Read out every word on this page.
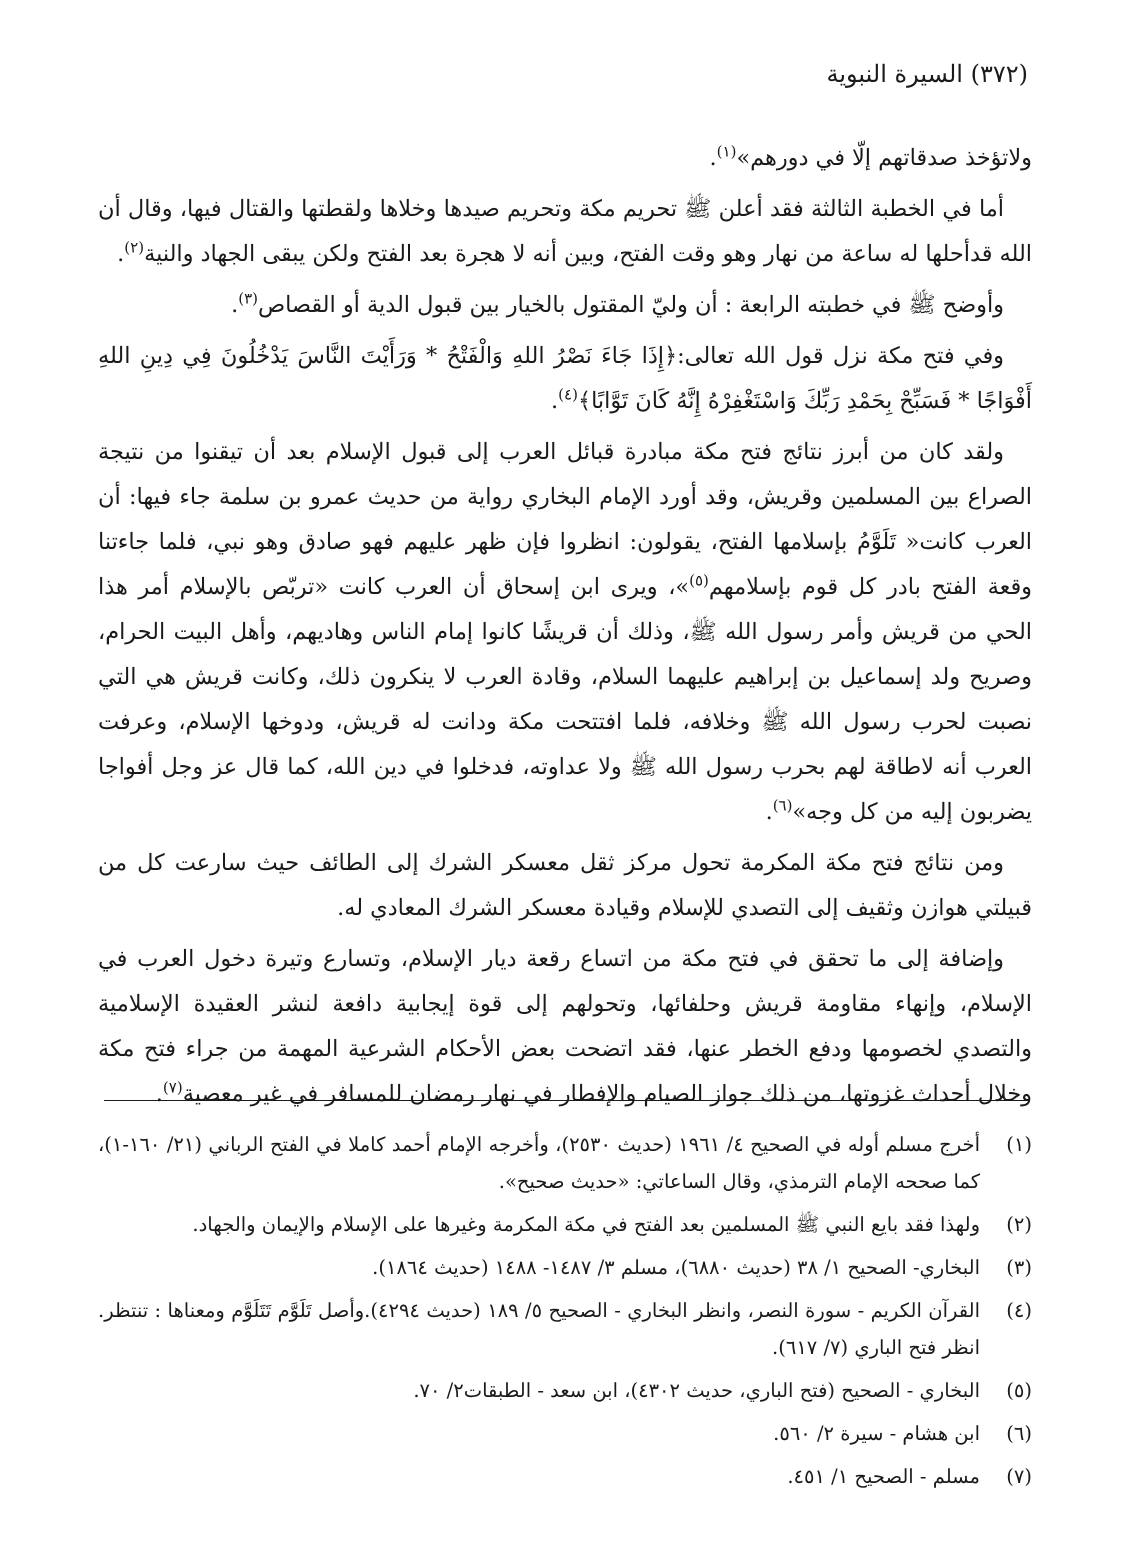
(٣٧٢) السيرة النبوية

ولاتؤخذ صدقاتهم إلّا في دورهم»$^{(١)}$.

أما في الخطبة الثالثة فقد أعلن ﷺ تحريم مكة وتحريم صيدها وخلاها ولقطتها والقتال فيها، وقال أن الله قدأحلها له ساعة من نهار وهو وقت الفتح، وبين أنه لا هجرة بعد الفتح ولكن يبقى الجهاد والنية$^{(٢)}$.

وأوضح ﷺ في خطبته الرابعة : أن وليّ المقتول بالخيار بين قبول الدية أو القصاص$^{(٣)}$.

وفي فتح مكة نزل قول الله تعالى:﴿إِذَا جَاءَ نَصْرُ اللهِ وَالْفَتْحُ * وَرَأَيْتَ النَّاسَ يَدْخُلُونَ فِي دِينِ اللهِ أَفْوَاجًا * فَسَبِّحْ بِحَمْدِ رَبِّكَ وَاسْتَغْفِرْهُ إِنَّهُ كَانَ تَوَّابًا﴾$^{(٤)}$.

ولقد كان من أبرز نتائج فتح مكة مبادرة قبائل العرب إلى قبول الإسلام بعد أن تيقنوا من نتيجة الصراع بين المسلمين وقريش، وقد أورد الإمام البخاري رواية من حديث عمرو بن سلمة جاء فيها: أن العرب كانت« تَلَوَّمُ بإسلامها الفتح، يقولون: انظروا فإن ظهر عليهم فهو صادق وهو نبي، فلما جاءتنا وقعة الفتح بادر كل قوم بإسلامهم$^{(٥)}$»، ويرى ابن إسحاق أن العرب كانت «تربّص بالإسلام أمر هذا الحي من قريش وأمر رسول الله ﷺ، وذلك أن قريشًا كانوا إمام الناس وهاديهم، وأهل البيت الحرام، وصريح ولد إسماعيل بن إبراهيم عليهما السلام، وقادة العرب لا ينكرون ذلك، وكانت قريش هي التي نصبت لحرب رسول الله ﷺ وخلافه، فلما افتتحت مكة ودانت له قريش، ودوخها الإسلام، وعرفت العرب أنه لاطاقة لهم بحرب رسول الله ﷺ ولا عداوته، فدخلوا في دين الله، كما قال عز وجل أفواجا يضربون إليه من كل وجه»$^{(٦)}$.

ومن نتائج فتح مكة المكرمة تحول مركز ثقل معسكر الشرك إلى الطائف حيث سارعت كل من قبيلتي هوازن وثقيف إلى التصدي للإسلام وقيادة معسكر الشرك المعادي له.

وإضافة إلى ما تحقق في فتح مكة من اتساع رقعة ديار الإسلام، وتسارع وتيرة دخول العرب في الإسلام، وإنهاء مقاومة قريش وحلفائها، وتحولهم إلى قوة إيجابية دافعة لنشر العقيدة الإسلامية والتصدي لخصومها ودفع الخطر عنها، فقد اتضحت بعض الأحكام الشرعية المهمة من جراء فتح مكة وخلال أحداث غزوتها، من ذلك جواز الصيام والإفطار في نهار رمضان للمسافر في غير معصية$^{(٧)}$.

(١)
أخرج مسلم أوله في الصحيح ٤/ ١٩٦١ (حديث ٢٥٣٠)، وأخرجه الإمام أحمد كاملا في الفتح الرباني (٢١/ ١٦٠-١)، كما صححه الإمام الترمذي، وقال الساعاتي: «حديث صحيح».
(٢)
ولهذا فقد بايع النبي ﷺ المسلمين بعد الفتح في مكة المكرمة وغيرها على الإسلام والإيمان والجهاد.
(٣)
البخاري- الصحيح ١/ ٣٨ (حديث ٦٨٨٠)، مسلم ٣/ ١٤٨٧- ١٤٨٨ (حديث ١٨٦٤).
(٤)
القرآن الكريم - سورة النصر، وانظر البخاري - الصحيح ٥/ ١٨٩ (حديث ٤٢٩٤).وأصل تَلَوَّم تَتَلَوَّم ومعناها : تنتظر. انظر فتح الباري (٧/ ٦١٧).
(٥)
البخاري - الصحيح (فتح الباري، حديث ٤٣٠٢)، ابن سعد - الطبقات٢/ ٧٠.
(٦)
ابن هشام - سيرة ٢/ ٥٦٠.
(٧)
مسلم - الصحيح ١/ ٤٥١.
